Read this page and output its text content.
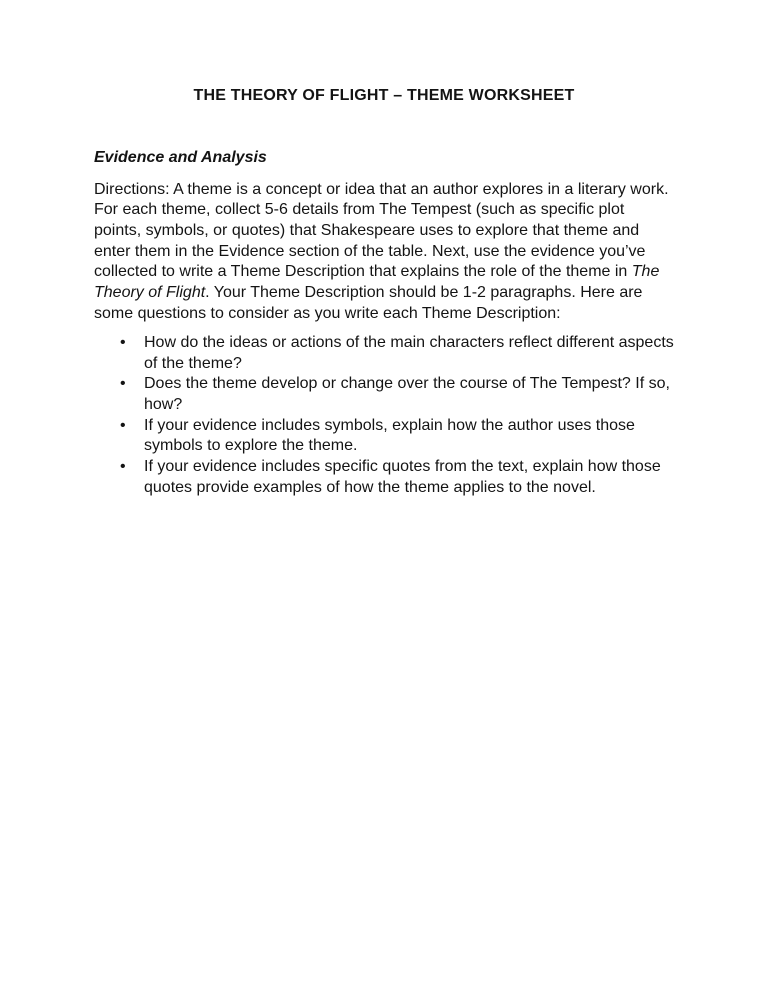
THE THEORY OF FLIGHT – THEME WORKSHEET
Evidence and Analysis

Directions: A theme is a concept or idea that an author explores in a literary work. For each theme, collect 5-6 details from The Tempest (such as specific plot points, symbols, or quotes) that Shakespeare uses to explore that theme and enter them in the Evidence section of the table. Next, use the evidence you’ve collected to write a Theme Description that explains the role of the theme in The Theory of Flight. Your Theme Description should be 1-2 paragraphs. Here are some questions to consider as you write each Theme Description:

• How do the ideas or actions of the main characters reflect different aspects of the theme?
• Does the theme develop or change over the course of The Tempest? If so, how?
• If your evidence includes symbols, explain how the author uses those symbols to explore the theme.
• If your evidence includes specific quotes from the text, explain how those quotes provide examples of how the theme applies to the novel.
